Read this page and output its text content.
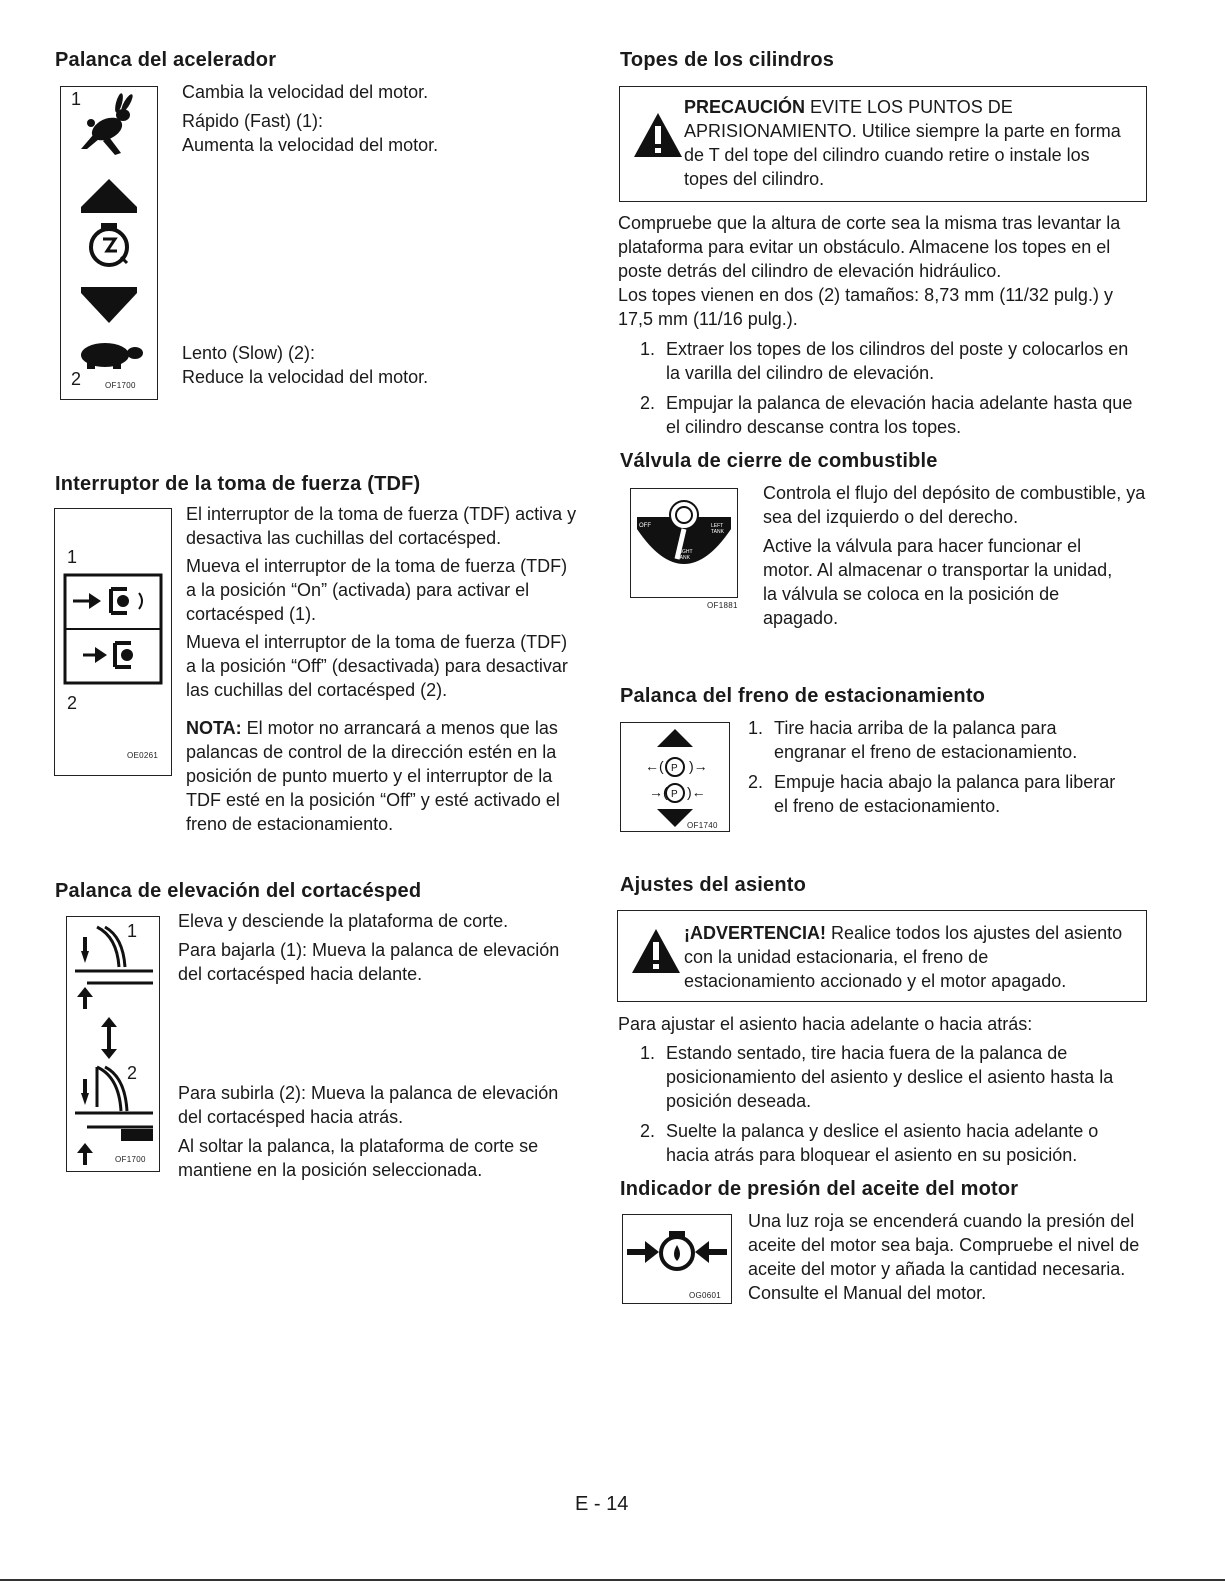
Palanca del acelerador
1
2	OF1700

Cambia la velocidad del motor.

Rápido (Fast) (1):

Aumenta la velocidad del motor.

Lento (Slow) (2):

Reduce la velocidad del motor.

Interruptor de la toma de fuerza (TDF)
1
2
OE0261

El interruptor de la toma de fuerza (TDF) activa y desactiva las cuchillas del cortacésped.

Mueva el interruptor de la toma de fuerza (TDF) a la posición “On” (activada) para activar el cortacésped (1).

Mueva el interruptor de la toma de fuerza (TDF) a la posición “Off” (desactivada) para desactivar las cuchillas del cortacésped (2).

NOTA: El motor no arrancará a menos que las palancas de control de la dirección estén en la posición de punto muerto y el interruptor de la TDF esté en la posición “Off” y esté activado el freno de estacionamiento.

Palanca de elevación del cortacésped
1
2
OF1700

Eleva y desciende la plataforma de corte.

Para bajarla (1): Mueva la palanca de elevación del cortacésped hacia delante.

Para subirla (2): Mueva la palanca de elevación del cortacésped hacia atrás.

Al soltar la palanca, la plataforma de corte se mantiene en la posición seleccionada.

Topes de los cilindros
PRECAUCIÓN EVITE LOS PUNTOS DE APRISIONAMIENTO. Utilice siempre la parte en forma de T del tope del cilindro cuando retire o instale los topes del cilindro.

Compruebe que la altura de corte sea la misma tras levantar la plataforma para evitar un obstáculo. Almacene los topes en el poste detrás del cilindro de elevación hidráulico.

Los topes vienen en dos (2) tamaños: 8,73 mm (11/32 pulg.) y 17,5 mm (11/16 pulg.).

1. Extraer los topes de los cilindros del poste y colocarlos en la varilla del cilindro de elevación.
2. Empujar la palanca de elevación hacia adelante hasta que el cilindro descanse contra los topes.
Válvula de cierre de combustible
OFF	LEFT TANK
RIGHT TANK
OF1881

Controla el flujo del depósito de combustible, ya sea del izquierdo o del derecho.

Active la válvula para hacer funcionar el motor. Al almacenar o transportar la unidad, la válvula se coloca en la posición de apagado.

Palanca del freno de estacionamiento
P
←( )→
P
→( )←
OF1740
1. Tire hacia arriba de la palanca para engranar el freno de estacionamiento.
2. Empuje hacia abajo la palanca para liberar el freno de estacionamiento.
Ajustes del asiento
¡ADVERTENCIA! Realice todos los ajustes del asiento con la unidad estacionaria, el freno de estacionamiento accionado y el motor apagado.

Para ajustar el asiento hacia adelante o hacia atrás:

1. Estando sentado, tire hacia fuera de la palanca de posicionamiento del asiento y deslice el asiento hasta la posición deseada.
2. Suelte la palanca y deslice el asiento hacia adelante o hacia atrás para bloquear el asiento en su posición.
Indicador de presión del aceite del motor
OG0601

Una luz roja se encenderá cuando la presión del aceite del motor sea baja. Compruebe el nivel de aceite del motor y añada la cantidad necesaria. Consulte el Manual del motor.

E - 14
